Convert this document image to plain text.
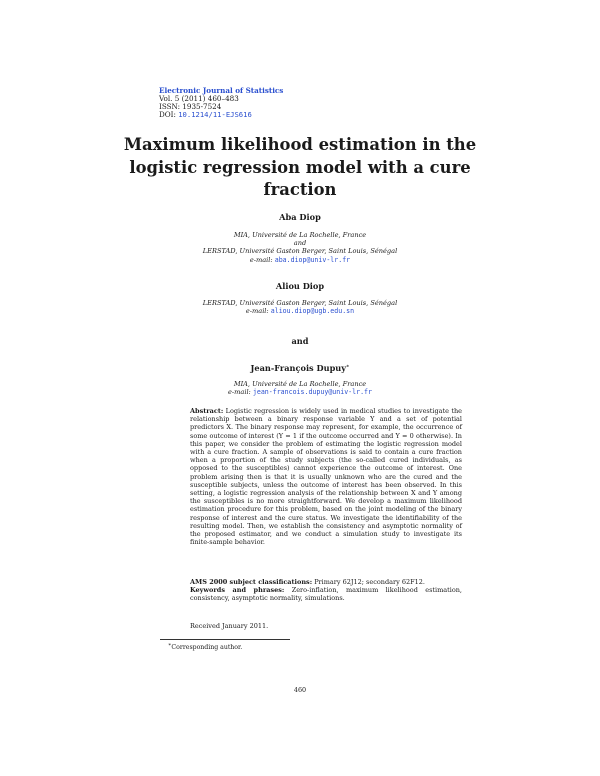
Electronic Journal of Statistics
Vol. 5 (2011) 460–483
ISSN: 1935-7524
DOI: 10.1214/11-EJS616
Maximum likelihood estimation in the logistic regression model with a cure fraction
Aba Diop
MIA, Université de La Rochelle, France
and
LERSTAD, Université Gaston Berger, Saint Louis, Sénégal
e-mail: aba.diop@univ-lr.fr
Aliou Diop
LERSTAD, Université Gaston Berger, Saint Louis, Sénégal
e-mail: aliou.diop@ugb.edu.sn
and
Jean-François Dupuy∗
MIA, Université de La Rochelle, France
e-mail: jean-francois.dupuy@univ-lr.fr
Abstract: Logistic regression is widely used in medical studies to investigate the relationship between a binary response variable Y and a set of potential predictors X. The binary response may represent, for example, the occurrence of some outcome of interest (Y = 1 if the outcome occurred and Y = 0 otherwise). In this paper, we consider the problem of estimating the logistic regression model with a cure fraction. A sample of observations is said to contain a cure fraction when a proportion of the study subjects (the so-called cured individuals, as opposed to the susceptibles) cannot experience the outcome of interest. One problem arising then is that it is usually unknown who are the cured and the susceptible subjects, unless the outcome of interest has been observed. In this setting, a logistic regression analysis of the relationship between X and Y among the susceptibles is no more straightforward. We develop a maximum likelihood estimation procedure for this problem, based on the joint modeling of the binary response of interest and the cure status. We investigate the identifiability of the resulting model. Then, we establish the consistency and asymptotic normality of the proposed estimator, and we conduct a simulation study to investigate its finite-sample behavior.
AMS 2000 subject classifications: Primary 62J12; secondary 62F12.
Keywords and phrases: Zero-inflation, maximum likelihood estimation, consistency, asymptotic normality, simulations.
Received January 2011.
∗Corresponding author.
460
